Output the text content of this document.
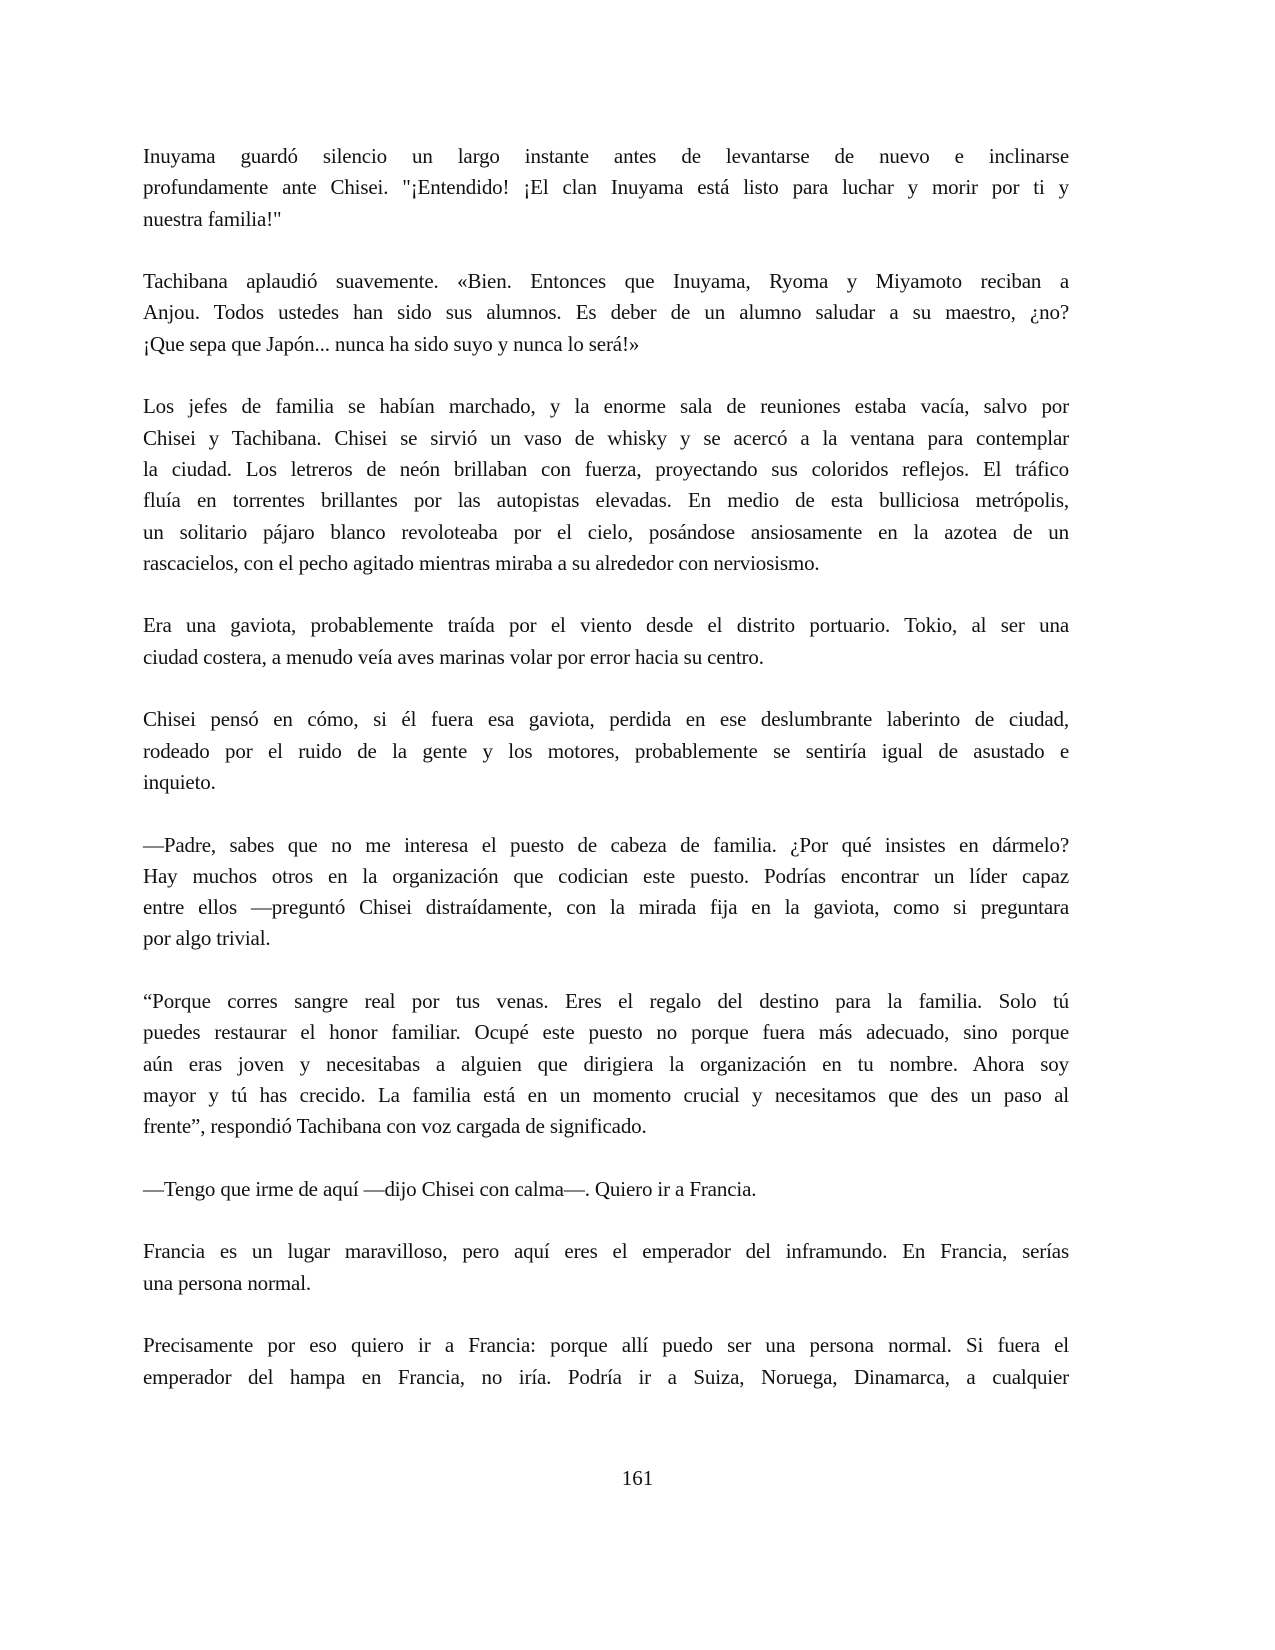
Inuyama guardó silencio un largo instante antes de levantarse de nuevo e inclinarse
profundamente ante Chisei. "¡Entendido! ¡El clan Inuyama está listo para luchar y morir por ti y
nuestra familia!"
Tachibana aplaudió suavemente. «Bien. Entonces que Inuyama, Ryoma y Miyamoto reciban a
Anjou. Todos ustedes han sido sus alumnos. Es deber de un alumno saludar a su maestro, ¿no?
¡Que sepa que Japón... nunca ha sido suyo y nunca lo será!»
Los jefes de familia se habían marchado, y la enorme sala de reuniones estaba vacía, salvo por
Chisei y Tachibana. Chisei se sirvió un vaso de whisky y se acercó a la ventana para contemplar
la ciudad. Los letreros de neón brillaban con fuerza, proyectando sus coloridos reflejos. El tráfico
fluía en torrentes brillantes por las autopistas elevadas. En medio de esta bulliciosa metrópolis,
un solitario pájaro blanco revoloteaba por el cielo, posándose ansiosamente en la azotea de un
rascacielos, con el pecho agitado mientras miraba a su alrededor con nerviosismo.
Era una gaviota, probablemente traída por el viento desde el distrito portuario. Tokio, al ser una
ciudad costera, a menudo veía aves marinas volar por error hacia su centro.
Chisei pensó en cómo, si él fuera esa gaviota, perdida en ese deslumbrante laberinto de ciudad,
rodeado por el ruido de la gente y los motores, probablemente se sentiría igual de asustado e
inquieto.
—Padre, sabes que no me interesa el puesto de cabeza de familia. ¿Por qué insistes en dármelo?
Hay muchos otros en la organización que codician este puesto. Podrías encontrar un líder capaz
entre ellos —preguntó Chisei distraídamente, con la mirada fija en la gaviota, como si preguntara
por algo trivial.
“Porque corres sangre real por tus venas. Eres el regalo del destino para la familia. Solo tú
puedes restaurar el honor familiar. Ocupé este puesto no porque fuera más adecuado, sino porque
aún eras joven y necesitabas a alguien que dirigiera la organización en tu nombre. Ahora soy
mayor y tú has crecido. La familia está en un momento crucial y necesitamos que des un paso al
frente”, respondió Tachibana con voz cargada de significado.
—Tengo que irme de aquí —dijo Chisei con calma—. Quiero ir a Francia.
Francia es un lugar maravilloso, pero aquí eres el emperador del inframundo. En Francia, serías
una persona normal.
Precisamente por eso quiero ir a Francia: porque allí puedo ser una persona normal. Si fuera el
emperador del hampa en Francia, no iría. Podría ir a Suiza, Noruega, Dinamarca, a cualquier
161
